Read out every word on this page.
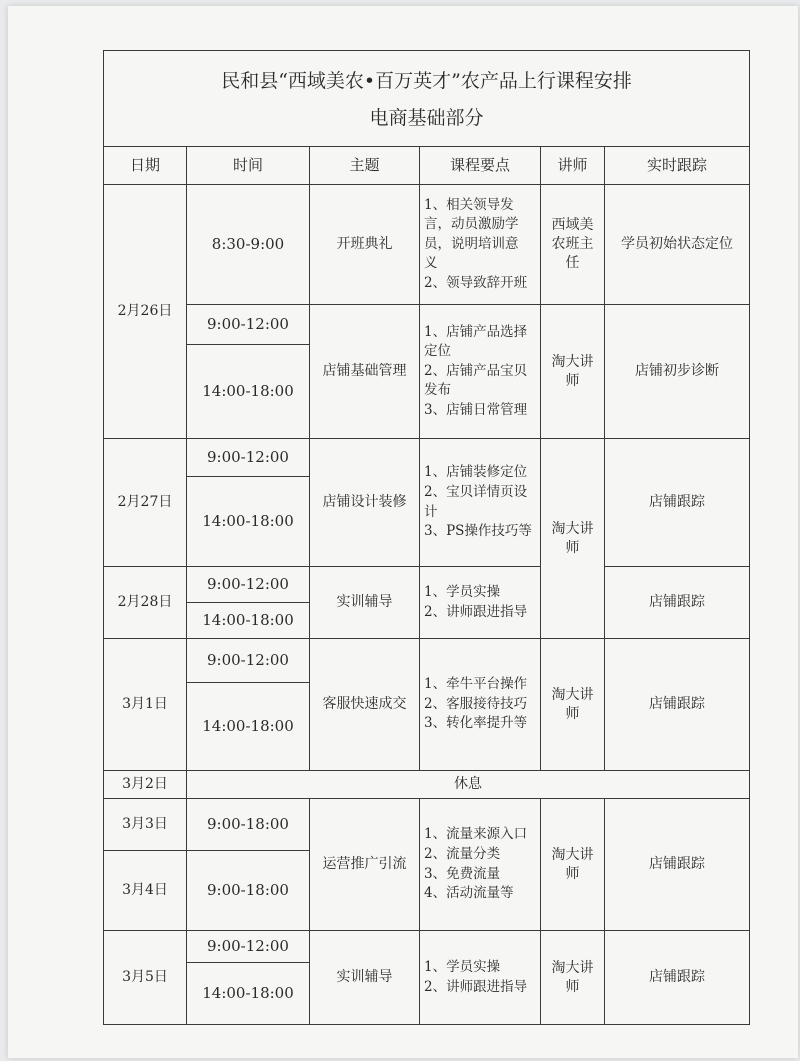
民和县“西域美农•百万英才”农产品上行课程安排
电商基础部分					

日期	时间	主题	课程要点	讲师	实时跟踪
2月26日	8:30-9:00	开班典礼	1、相关领导发
言，动员激励学
员，说明培训意
义
2、领导致辞开班	西域美
农班主
任	学员初始状态定位
	9:00-12:00	店铺基础管理	1、店铺产品选择
定位
2、店铺产品宝贝
发布
3、店铺日常管理	淘大讲
师	店铺初步诊断
	14:00-18:00				
2月27日	9:00-12:00	店铺设计装修	1、店铺装修定位
2、宝贝详情页设
计
3、PS操作技巧等	淘大讲
师	店铺跟踪
	14:00-18:00				
2月28日	9:00-12:00	实训辅导	1、学员实操
2、讲师跟进指导		店铺跟踪
	14:00-18:00				
3月1日	9:00-12:00	客服快速成交	1、牵牛平台操作
2、客服接待技巧
3、转化率提升等	淘大讲
师	店铺跟踪
	14:00-18:00				
3月2日	休息				
3月3日	9:00-18:00	运营推广引流	1、流量来源入口
2、流量分类
3、免费流量
4、活动流量等	淘大讲
师	店铺跟踪
3月4日	9:00-18:00				
3月5日	9:00-12:00	实训辅导	1、学员实操
2、讲师跟进指导	淘大讲
师	店铺跟踪
	14:00-18:00				
